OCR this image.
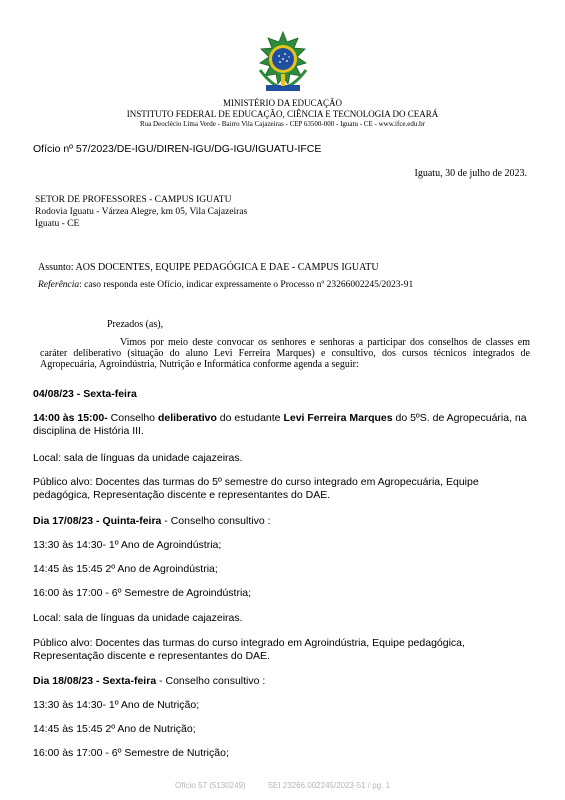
MINISTÉRIO DA EDUCAÇÃO
INSTITUTO FEDERAL DE EDUCAÇÃO, CIÊNCIA E TECNOLOGIA DO CEARÁ
Rua Deoclécio Lima Verde - Bairro Vila Cajazeiras - CEP 63500-000 - Iguatu - CE - www.ifce.edu.br
Ofício nº 57/2023/DE-IGU/DIREN-IGU/DG-IGU/IGUATU-IFCE
Iguatu, 30 de julho de 2023.
SETOR DE PROFESSORES - CAMPUS IGUATU
Rodovia Iguatu - Várzea Alegre, km 05, Vila Cajazeiras
Iguatu - CE
Assunto: AOS DOCENTES, EQUIPE PEDAGÓGICA E DAE - CAMPUS IGUATU
Referência: caso responda este Ofício, indicar expressamente o Processo nº 23266002245/2023-91
Prezados (as),
Vimos por meio deste convocar os senhores e senhoras a participar dos conselhos de classes em caráter deliberativo (situação do aluno Levi Ferreira Marques) e consultivo, dos cursos técnicos integrados de Agropecuária, Agroindústria, Nutrição e Informática conforme agenda a seguir:
04/08/23 - Sexta-feira
14:00 às 15:00- Conselho deliberativo do estudante Levi Ferreira Marques do 5ºS. de Agropecuária, na disciplina de História III.
Local: sala de línguas da unidade cajazeiras.
Público alvo: Docentes das turmas do 5º semestre do curso integrado em Agropecuária, Equipe pedagógica, Representação discente e representantes do DAE.
Dia 17/08/23 - Quinta-feira - Conselho consultivo :
13:30 às 14:30- 1º Ano de Agroindústria;
14:45 às 15:45 2º Ano de Agroindústria;
16:00 às 17:00 - 6º Semestre de Agroindústria;
Local: sala de línguas da unidade cajazeiras.
Público alvo: Docentes das turmas do curso integrado em Agroindústria, Equipe pedagógica, Representação discente e representantes do DAE.
Dia 18/08/23 - Sexta-feira - Conselho consultivo :
13:30 às 14:30- 1º Ano de Nutrição;
14:45 às 15:45 2º Ano de Nutrição;
16:00 às 17:00 - 6º Semestre de Nutrição;
Ofício 57 (5130249)	SEI 23266.002245/2023-51 / pg. 1
